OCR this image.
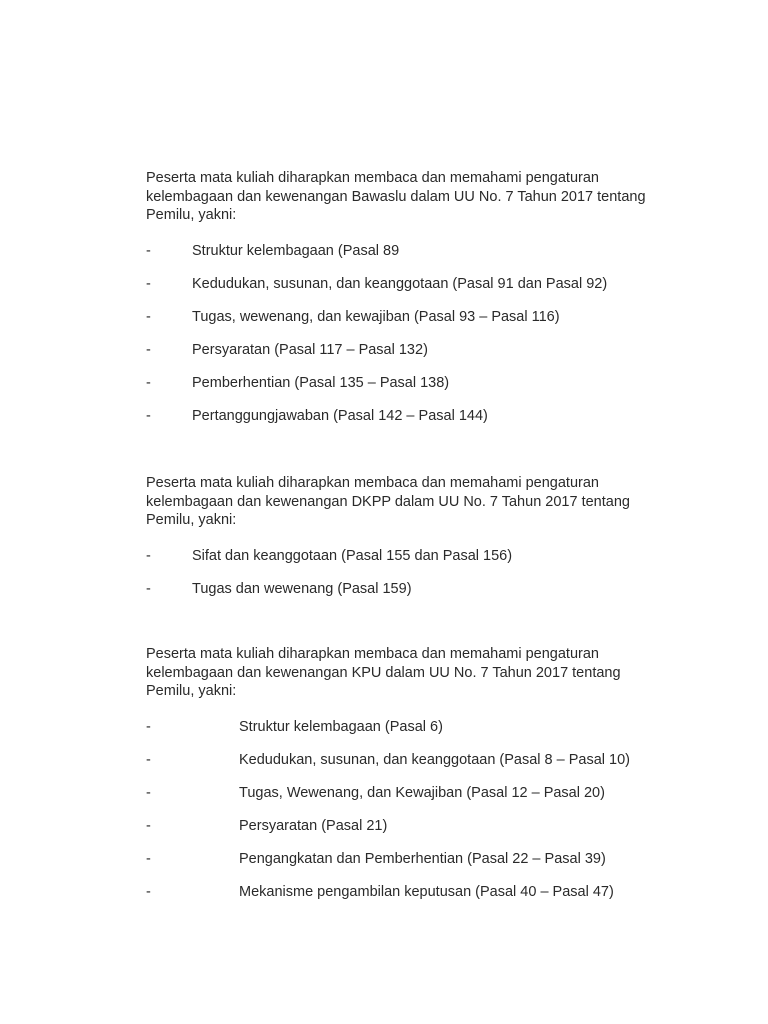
Peserta mata kuliah diharapkan membaca dan memahami pengaturan kelembagaan dan kewenangan Bawaslu dalam UU No. 7 Tahun 2017 tentang Pemilu, yakni:

-	Struktur kelembagaan (Pasal 89
-	Kedudukan, susunan, dan keanggotaan (Pasal 91 dan Pasal 92)
-	Tugas, wewenang, dan kewajiban (Pasal 93 – Pasal 116)
-	Persyaratan (Pasal 117 – Pasal 132)
-	Pemberhentian (Pasal 135 – Pasal 138)
-	Pertanggungjawaban (Pasal 142 – Pasal 144)

Peserta mata kuliah diharapkan membaca dan memahami pengaturan kelembagaan dan kewenangan DKPP dalam UU No. 7 Tahun 2017 tentang Pemilu, yakni:

-	Sifat dan keanggotaan (Pasal 155 dan Pasal 156)
-	Tugas dan wewenang (Pasal 159)

Peserta mata kuliah diharapkan membaca dan memahami pengaturan kelembagaan dan kewenangan KPU dalam UU No. 7 Tahun 2017 tentang Pemilu, yakni:

-	Struktur kelembagaan (Pasal 6)
-	Kedudukan, susunan, dan keanggotaan (Pasal 8 – Pasal 10)
-	Tugas, Wewenang, dan Kewajiban (Pasal 12 – Pasal 20)
-	Persyaratan (Pasal 21)
-	Pengangkatan dan Pemberhentian (Pasal 22 – Pasal 39)
-	Mekanisme pengambilan keputusan (Pasal 40 – Pasal 47)
